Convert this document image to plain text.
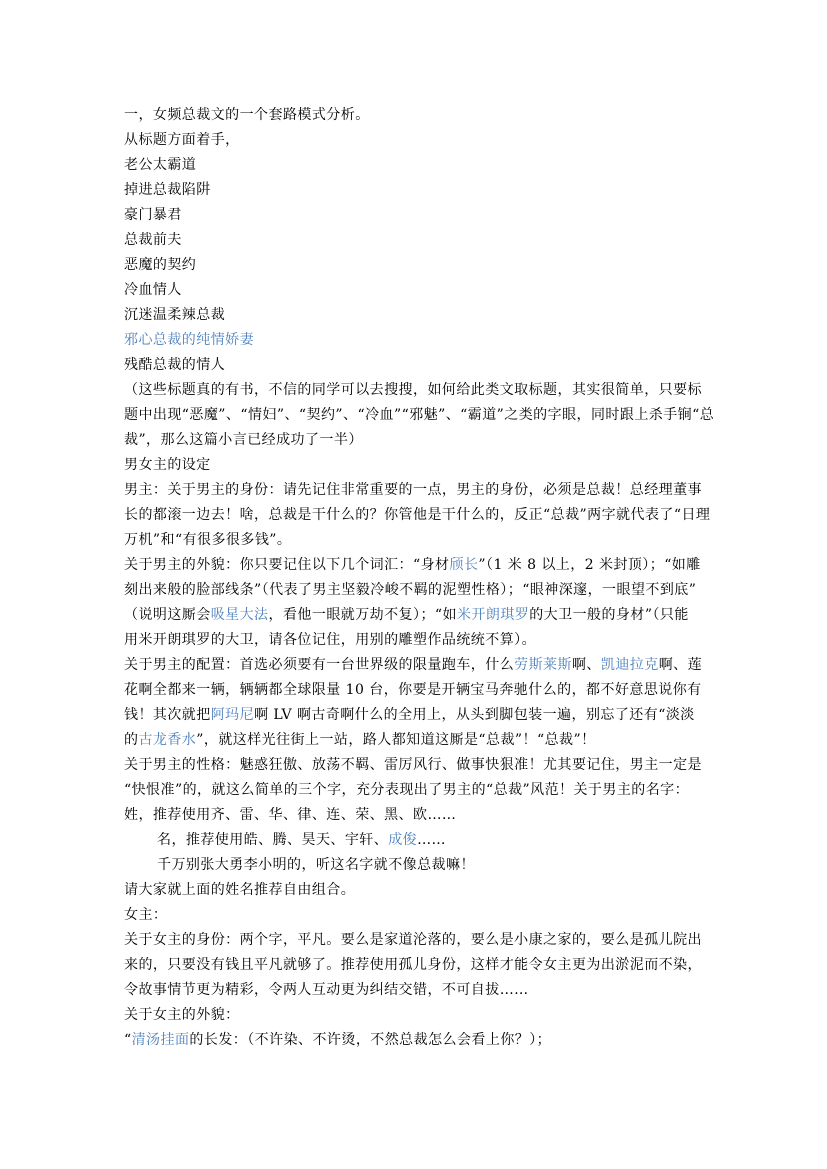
一，女频总裁文的一个套路模式分析。
从标题方面着手，
老公太霸道
掉进总裁陷阱
豪门暴君
总裁前夫
恶魔的契约
冷血情人
沉迷温柔辣总裁
邪心总裁的纯情娇妻
残酷总裁的情人
（这些标题真的有书，不信的同学可以去搜搜，如何给此类文取标题，其实很简单，只要标
题中出现“恶魔”、“情妇”、“契约”、“冷血”“邪魅”、“霸道”之类的字眼，同时跟上杀手锏“总
裁”，那么这篇小言已经成功了一半）
男女主的设定
男主：关于男主的身份：请先记住非常重要的一点，男主的身份，必须是总裁！总经理董事
长的都滚一边去！啥，总裁是干什么的？你管他是干什么的，反正“总裁”两字就代表了“日理
万机”和“有很多很多钱”。
关于男主的外貌：你只要记住以下几个词汇：“身材颀长”（1 米 8 以上，2 米封顶）；“如雕
刻出来般的脸部线条”（代表了男主坚毅冷峻不羁的泥塑性格）；“眼神深邃，一眼望不到底”
（说明这厮会吸星大法，看他一眼就万劫不复）；“如米开朗琪罗的大卫一般的身材”（只能
用米开朗琪罗的大卫，请各位记住，用别的雕塑作品统统不算）。
关于男主的配置：首选必须要有一台世界级的限量跑车，什么劳斯莱斯啊、凯迪拉克啊、莲
花啊全都来一辆，辆辆都全球限量 10 台，你要是开辆宝马奔驰什么的，都不好意思说你有
钱！其次就把阿玛尼啊 LV 啊古奇啊什么的全用上，从头到脚包装一遍，别忘了还有“淡淡
的古龙香水”，就这样光往街上一站，路人都知道这厮是“总裁”！“总裁”！
关于男主的性格：魅惑狂傲、放荡不羁、雷厉风行、做事快狠准！尤其要记住，男主一定是
“快恨准”的，就这么简单的三个字，充分表现出了男主的“总裁”风范！关于男主的名字：
姓，推荐使用齐、雷、华、律、连、荣、黑、欧……
名，推荐使用皓、腾、昊天、宇轩、成俊……
千万别张大勇李小明的，听这名字就不像总裁嘛！
请大家就上面的姓名推荐自由组合。
女主：
关于女主的身份：两个字，平凡。要么是家道沦落的，要么是小康之家的，要么是孤儿院出
来的，只要没有钱且平凡就够了。推荐使用孤儿身份，这样才能令女主更为出淤泥而不染，
令故事情节更为精彩，令两人互动更为纠结交错，不可自拔……
关于女主的外貌：
“清汤挂面的长发：（不许染、不许烫，不然总裁怎么会看上你？）；
